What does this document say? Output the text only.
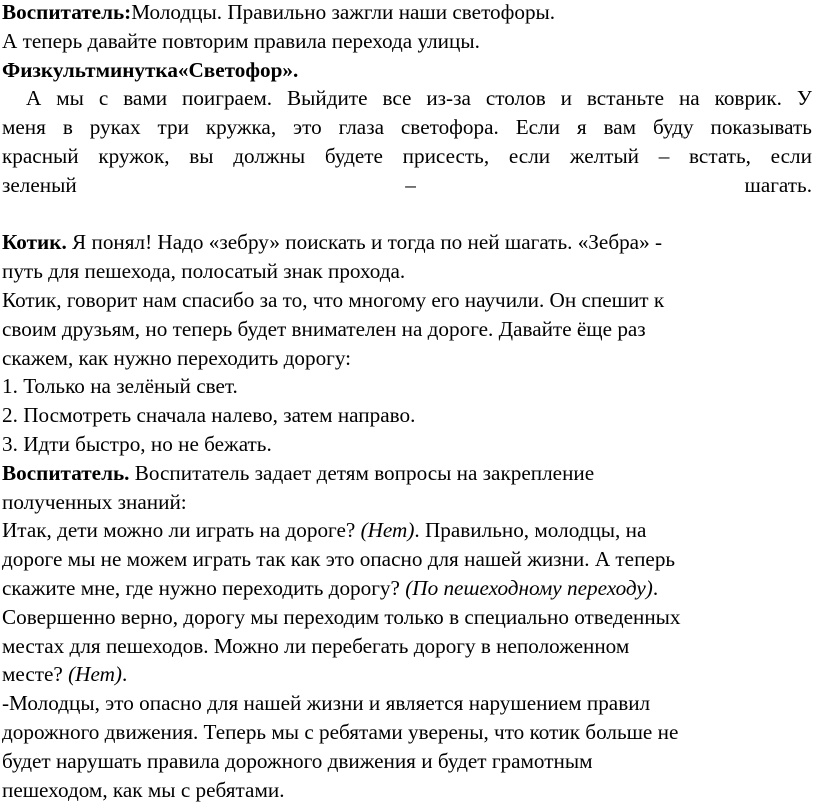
Воспитатель:Молодцы. Правильно зажгли наши светофоры.
А теперь давайте повторим правила перехода улицы.
Физкультминутка«Светофор».
А мы с вами поиграем. Выйдите все из-за столов и встаньте на коврик. У
меня в руках три кружка, это глаза светофора. Если я вам буду показывать
красный кружок, вы должны будете присесть, если желтый – встать, если
зеленый	–	шагать.
Котик. Я понял! Надо «зебру» поискать и тогда по ней шагать. «Зебра» -
путь для пешехода, полосатый знак прохода.
Котик, говорит нам спасибо за то, что многому его научили. Он спешит к
своим друзьям, но теперь будет внимателен на дороге. Давайте ёще раз
скажем, как нужно переходить дорогу:
1. Только на зелёный свет.
2. Посмотреть сначала налево, затем направо.
3. Идти быстро, но не бежать.
Воспитатель. Воспитатель задает детям вопросы на закрепление
полученных знаний:
Итак, дети можно ли играть на дороге? (Нет). Правильно, молодцы, на
дороге мы не можем играть так как это опасно для нашей жизни. А теперь
скажите мне, где нужно переходить дорогу? (По пешеходному переходу).
Совершенно верно, дорогу мы переходим только в специально отведенных
местах для пешеходов. Можно ли перебегать дорогу в неположенном
месте? (Нет).
-Молодцы, это опасно для нашей жизни и является нарушением правил
дорожного движения. Теперь мы с ребятами уверены, что котик больше не
будет нарушать правила дорожного движения и будет грамотным
пешеходом, как мы с ребятами.
